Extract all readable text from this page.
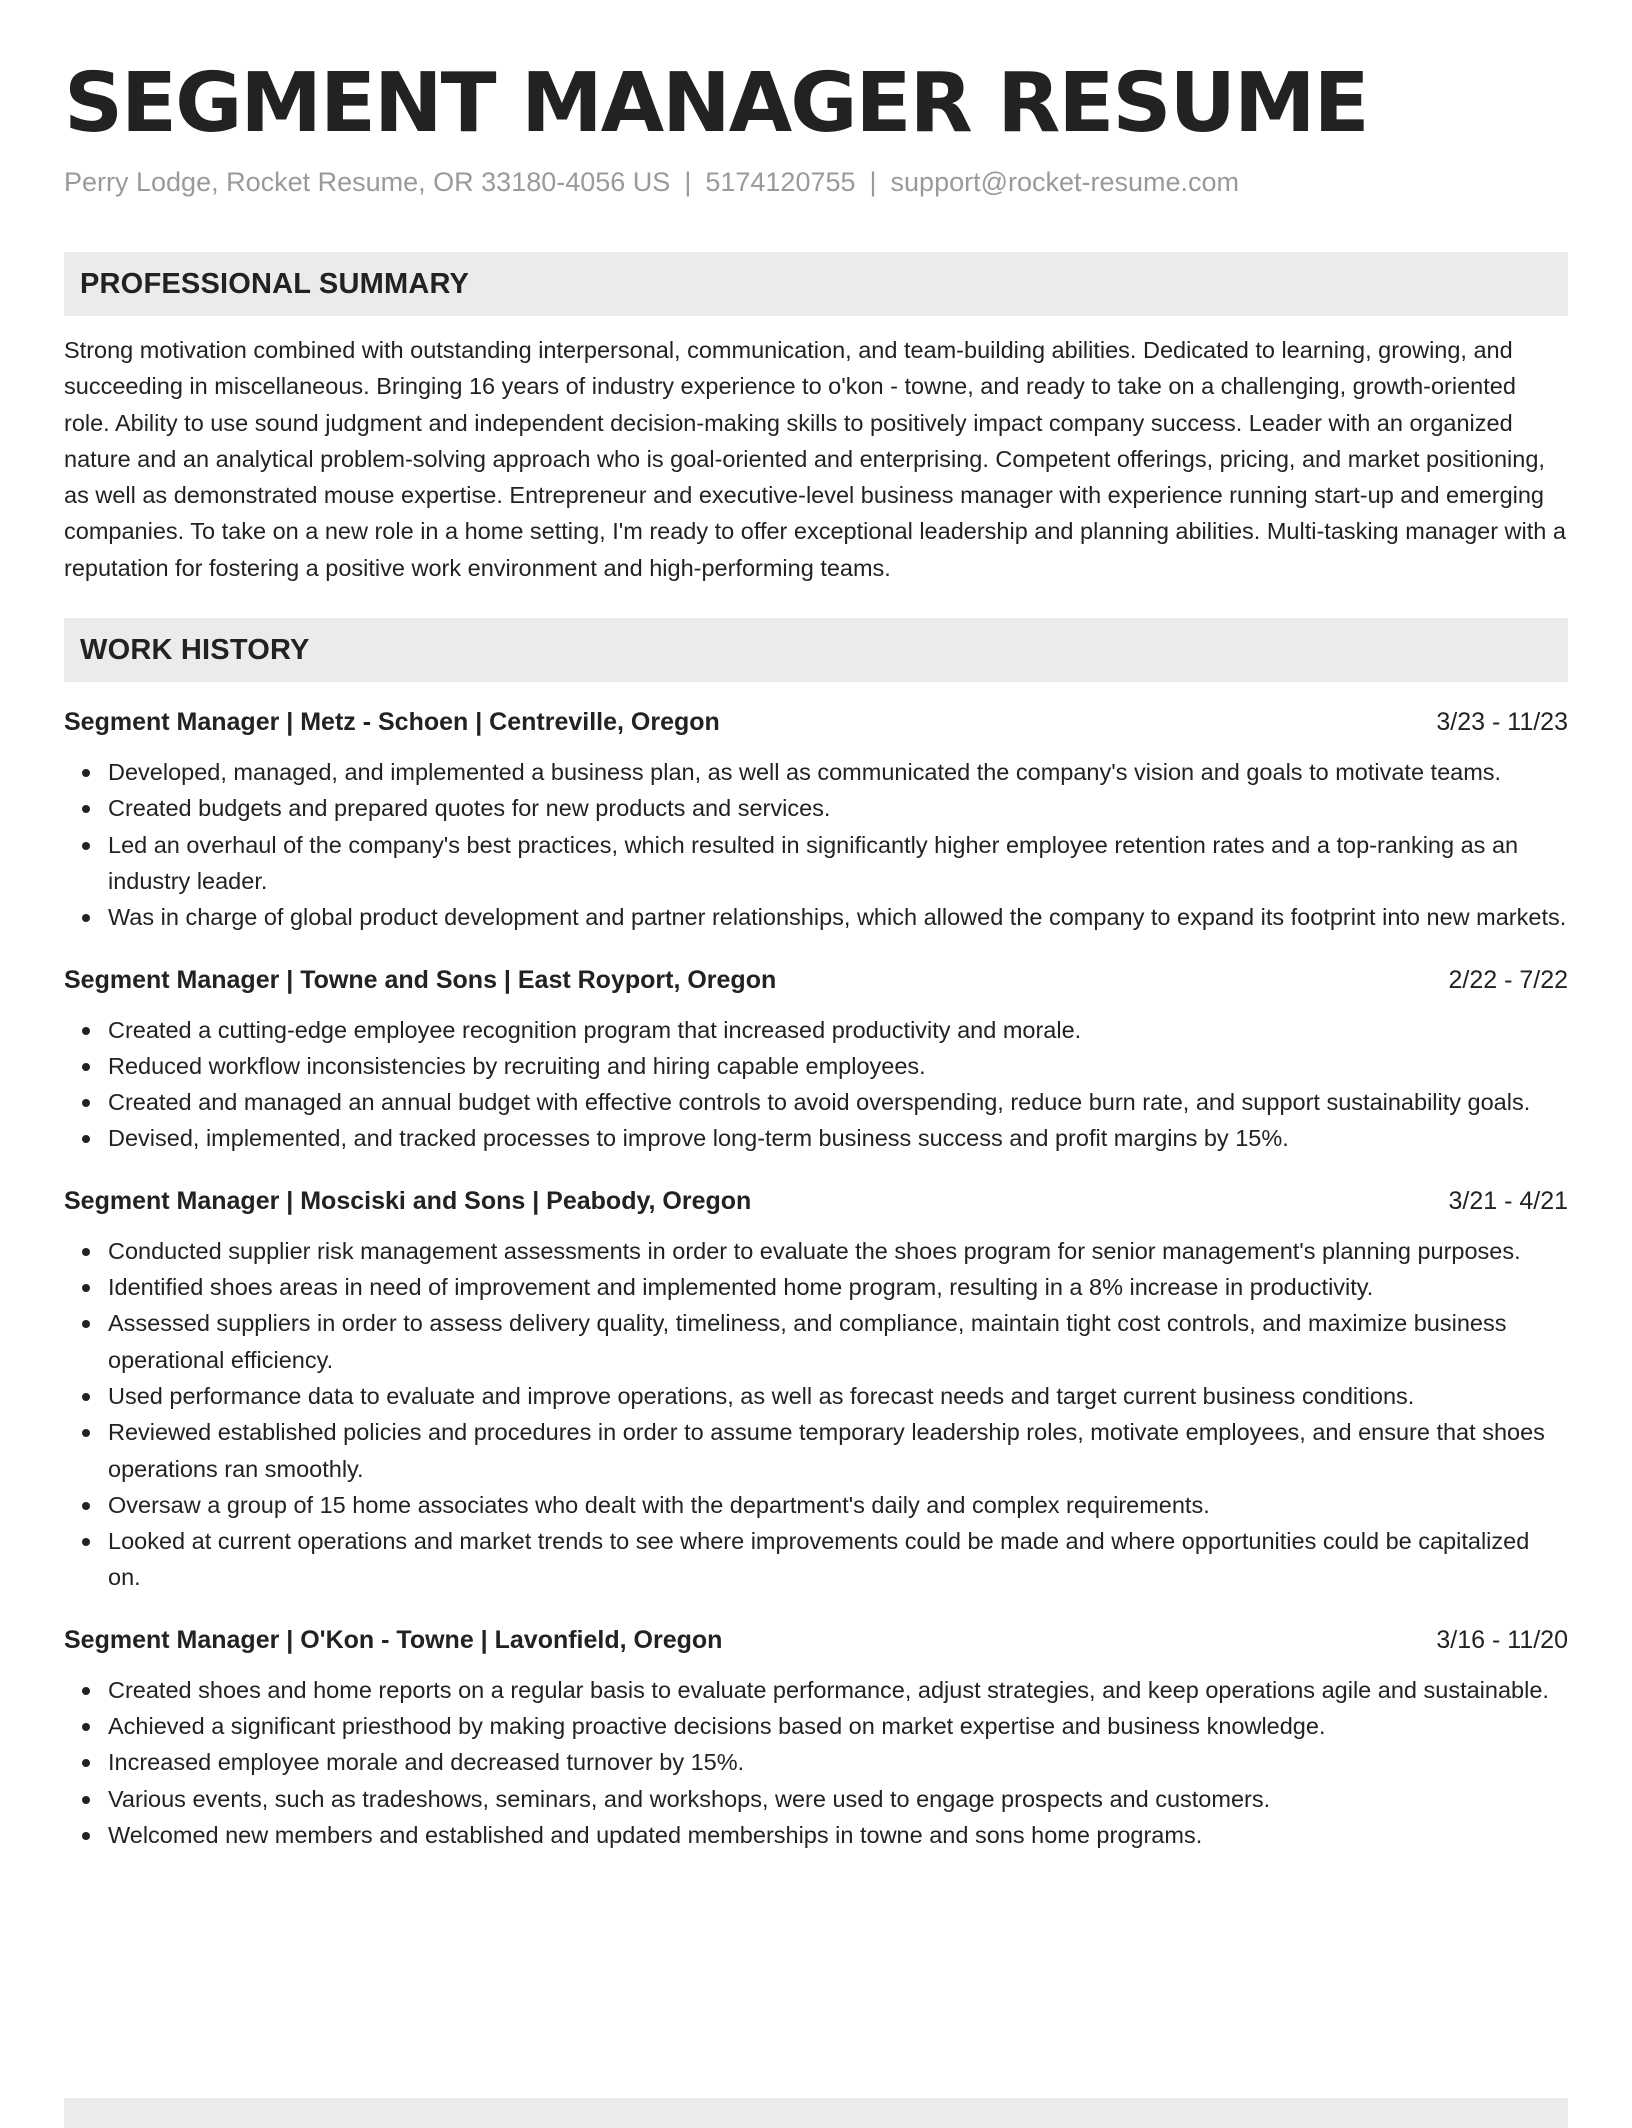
SEGMENT MANAGER RESUME
Perry Lodge, Rocket Resume, OR 33180-4056 US | 5174120755 | support@rocket-resume.com
PROFESSIONAL SUMMARY

Strong motivation combined with outstanding interpersonal, communication, and team-building abilities. Dedicated to learning, growing, and succeeding in miscellaneous. Bringing 16 years of industry experience to o'kon - towne, and ready to take on a challenging, growth-oriented role. Ability to use sound judgment and independent decision-making skills to positively impact company success. Leader with an organized nature and an analytical problem-solving approach who is goal-oriented and enterprising. Competent offerings, pricing, and market positioning, as well as demonstrated mouse expertise. Entrepreneur and executive-level business manager with experience running start-up and emerging companies. To take on a new role in a home setting, I'm ready to offer exceptional leadership and planning abilities. Multi-tasking manager with a reputation for fostering a positive work environment and high-performing teams.

WORK HISTORY
Segment Manager | Metz - Schoen | Centreville, Oregon	3/23 - 11/23
Developed, managed, and implemented a business plan, as well as communicated the company's vision and goals to motivate teams.
Created budgets and prepared quotes for new products and services.
Led an overhaul of the company's best practices, which resulted in significantly higher employee retention rates and a top-ranking as an industry leader.
Was in charge of global product development and partner relationships, which allowed the company to expand its footprint into new markets.
Segment Manager | Towne and Sons | East Royport, Oregon	2/22 - 7/22
Created a cutting-edge employee recognition program that increased productivity and morale.
Reduced workflow inconsistencies by recruiting and hiring capable employees.
Created and managed an annual budget with effective controls to avoid overspending, reduce burn rate, and support sustainability goals.
Devised, implemented, and tracked processes to improve long-term business success and profit margins by 15%.
Segment Manager | Mosciski and Sons | Peabody, Oregon	3/21 - 4/21
Conducted supplier risk management assessments in order to evaluate the shoes program for senior management's planning purposes.
Identified shoes areas in need of improvement and implemented home program, resulting in a 8% increase in productivity.
Assessed suppliers in order to assess delivery quality, timeliness, and compliance, maintain tight cost controls, and maximize business operational efficiency.
Used performance data to evaluate and improve operations, as well as forecast needs and target current business conditions.
Reviewed established policies and procedures in order to assume temporary leadership roles, motivate employees, and ensure that shoes operations ran smoothly.
Oversaw a group of 15 home associates who dealt with the department's daily and complex requirements.
Looked at current operations and market trends to see where improvements could be made and where opportunities could be capitalized on.
Segment Manager | O'Kon - Towne | Lavonfield, Oregon	3/16 - 11/20
Created shoes and home reports on a regular basis to evaluate performance, adjust strategies, and keep operations agile and sustainable.
Achieved a significant priesthood by making proactive decisions based on market expertise and business knowledge.
Increased employee morale and decreased turnover by 15%.
Various events, such as tradeshows, seminars, and workshops, were used to engage prospects and customers.
Welcomed new members and established and updated memberships in towne and sons home programs.
